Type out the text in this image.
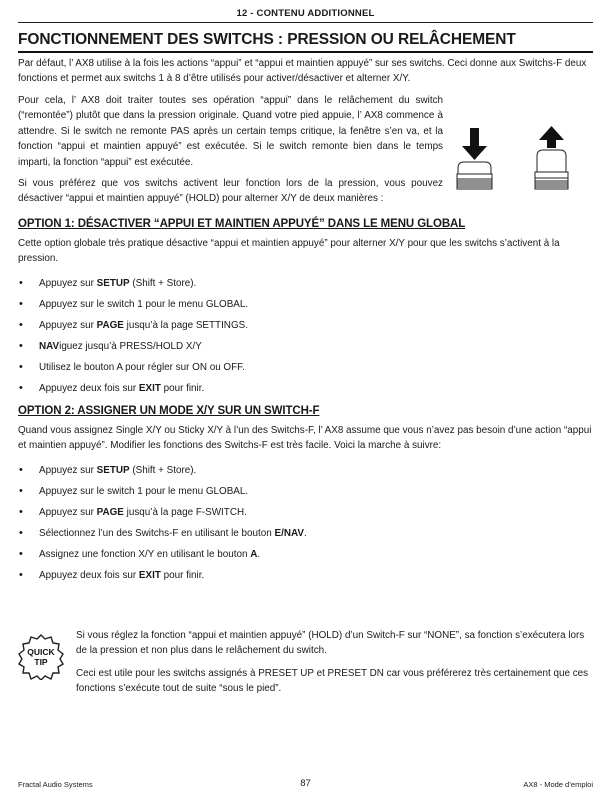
12 - CONTENU ADDITIONNEL
FONCTIONNEMENT DES SWITCHS : PRESSION OU RELÂCHEMENT

Par défaut, l’ AX8 utilise à la fois les actions “appui” et “appui et maintien appuyé” sur ses switchs. Ceci donne aux Switchs-F deux fonctions et permet aux switchs 1 à 8 d’être utilisés pour activer/désactiver et alterner X/Y.

Pour cela, l’ AX8 doit traiter toutes ses opération “appui” dans le relâchement du switch (“remontée”) plutôt que dans la pression originale. Quand votre pied appuie, l’ AX8 commence à attendre. Si le switch ne remonte PAS après un certain temps critique, la fenêtre s’en va, et la fonction “appui et maintien appuyé” est exécutée. Si le switch remonte bien dans le temps imparti, la fonction “appui” est exécutée.

Si vous préférez que vos switchs activent leur fonction lors de la pression, vous pouvez désactiver “appui et maintien appuyé” (HOLD) pour alterner X/Y de deux manières :

OPTION 1: DÉSACTIVER “APPUI ET MAINTIEN APPUYÉ” DANS LE MENU GLOBAL

Cette option globale très pratique désactive “appui et maintien appuyé” pour alterner X/Y pour que les switchs s’activent à la pression.

• Appuyez sur SETUP (Shift + Store).
• Appuyez sur le switch 1 pour le menu GLOBAL.
• Appuyez sur PAGE jusqu’à la page SETTINGS.
• NAViguez jusqu’à PRESS/HOLD X/Y
• Utilisez le bouton A pour régler sur ON ou OFF.
• Appuyez deux fois sur EXIT pour finir.
OPTION 2: ASSIGNER UN MODE X/Y SUR UN SWITCH-F

Quand vous assignez Single X/Y ou Sticky X/Y à l’un des Switchs-F, l’ AX8 assume que vous n’avez pas besoin d’une action “appui et maintien appuyé”. Modifier les fonctions des Switchs-F est très facile. Voici la marche à suivre:

• Appuyez sur SETUP (Shift + Store).
• Appuyez sur le switch 1 pour le menu GLOBAL.
• Appuyez sur PAGE jusqu’à la page F-SWITCH.
• Sélectionnez l’un des Switchs-F en utilisant le bouton E/NAV.
• Assignez une fonction X/Y en utilisant le bouton A.
• Appuyez deux fois sur EXIT pour finir.
QUICK
TIP

Si vous réglez la fonction “appui et maintien appuyé” (HOLD) d’un Switch-F sur “NONE”, sa fonction s’exécutera lors de la pression et non plus dans le relâchement du switch.

Ceci est utile pour les switchs assignés à PRESET UP et PRESET DN car vous préférerez très certainement que ces fonctions s’exécute tout de suite “sous le pied”.

Fractal Audio Systems	87	AX8 - Mode d’emploi
